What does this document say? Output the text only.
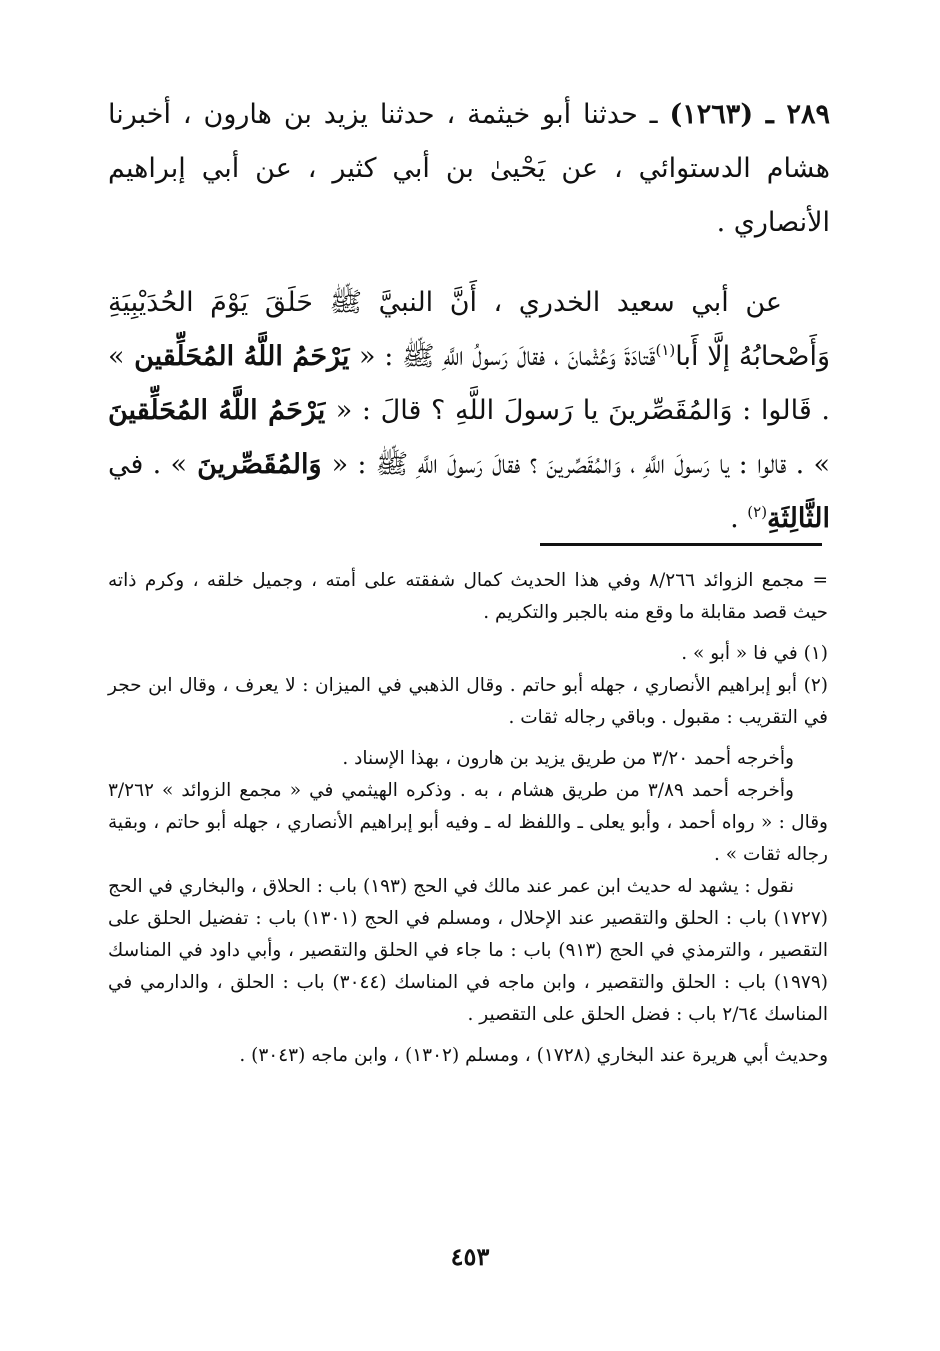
٢٨٩ ـ (١٢٦٣) ـ حدثنا أبو خيثمة ، حدثنا يزيد بن هارون ، أخبرنا هشام الدستوائي ، عن يَحْيىٰ بن أبي كثير ، عن أبي إبراهيم الأنصاري .

عن أبي سعيد الخدري ، أَنَّ النبيَّ ﷺ حَلَقَ يَوْمَ الحُدَيْبِيَةِ وَأَصْحابُهُ إلَّا أَبا$^{(١)}$قَتادَةَ وَعُثْمانَ ، فقالَ رَسولُ اللَّهِ ﷺ : « يَرْحَمُ اللَّهُ المُحَلِّقين » . قَالوا : وَالمُقَصِّرينَ يا رَسولَ اللَّهِ ؟ قالَ : « يَرْحَمُ اللَّهُ المُحَلِّقينَ » . قالوا : يا رَسولَ اللَّهِ ، وَالمُقَصِّرينَ ؟ فقالَ رَسولَ اللَّهِ ﷺ : « وَالمُقَصِّرينَ » . في الثَّالِثَةِ$^{(٢)}$ .

= مجمع الزوائد ٨/٢٦٦ وفي هذا الحديث كمال شفقته على أمته ، وجميل خلقه ، وكرم ذاته حيث قصد مقابلة ما وقع منه بالجبر والتكريم .

(١) في فا « أبو » .

(٢) أبو إبراهيم الأنصاري ، جهله أبو حاتم . وقال الذهبي في الميزان : لا يعرف ، وقال ابن حجر في التقريب : مقبول . وباقي رجاله ثقات .

وأخرجه أحمد ٣/٢٠ من طريق يزيد بن هارون ، بهذا الإسناد .

وأخرجه أحمد ٣/٨٩ من طريق هشام ، به . وذكره الهيثمي في « مجمع الزوائد » ٣/٢٦٢ وقال : « رواه أحمد ، وأبو يعلى ـ واللفظ له ـ وفيه أبو إبراهيم الأنصاري ، جهله أبو حاتم ، وبقية رجاله ثقات » .

نقول : يشهد له حديث ابن عمر عند مالك في الحج (١٩٣) باب : الحلاق ، والبخاري في الحج (١٧٢٧) باب : الحلق والتقصير عند الإحلال ، ومسلم في الحج (١٣٠١) باب : تفضيل الحلق على التقصير ، والترمذي في الحج (٩١٣) باب : ما جاء في الحلق والتقصير ، وأبي داود في المناسك (١٩٧٩) باب : الحلق والتقصير ، وابن ماجه في المناسك (٣٠٤٤) باب : الحلق ، والدارمي في المناسك ٢/٦٤ باب : فضل الحلق على التقصير .

وحديث أبي هريرة عند البخاري (١٧٢٨) ، ومسلم (١٣٠٢) ، وابن ماجه (٣٠٤٣) .

٤٥٣
